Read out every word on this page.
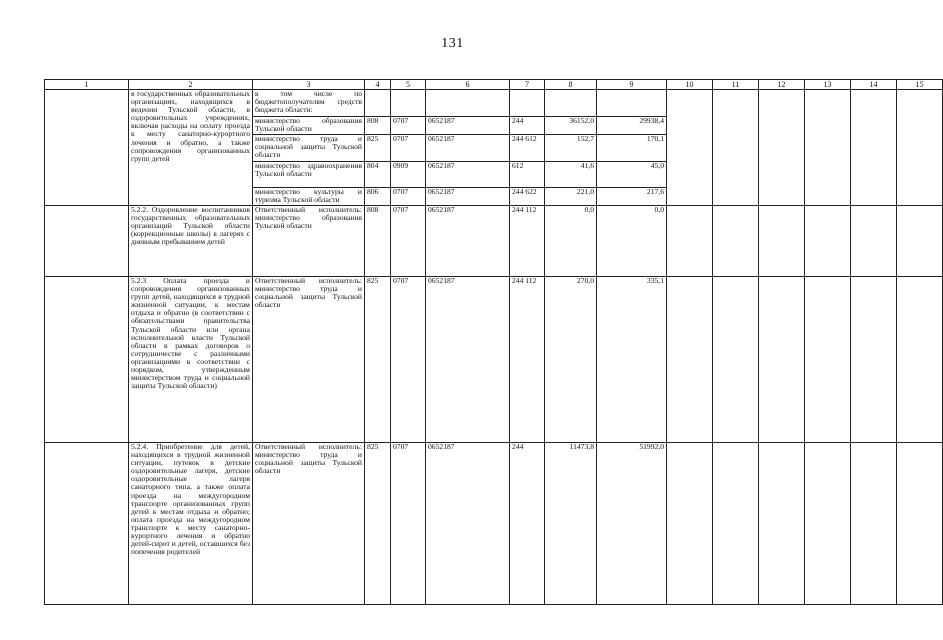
131
1	2	3	4	5	6	7	8	9	10	11	12	13	14	15
	в государственных образовательных организациях, находящихся в ведении Тульской области, в оздоровительных учреждениях, включая расходы на оплату проезда к месту санаторно-курортного лечения и обратно, а также сопровождения организованных групп детей	в том числе по бюджетополучателям средств бюджета области:												
		министерство образования Тульской области	808	0707	0652187	244	36152,0	29938,4						
		министерство труда и социальной защиты Тульской области	825	0707	0652187	244 612	152,7	170,1						
		министерство здравоохранения Тульской области	804	0909	0652187	612	41,6	45,0						
		министерство культуры и туризма Тульской области	806	0707	0652187	244 622	221,0	217,6						
	5.2.2. Оздоровление воспитанников государственных образовательных организаций Тульской области (коррекционные школы) в лагерях с дневным пребыванием детей	Ответственный исполнитель: министерство образования Тульской области	808	0707	0652187	244 112	0,0	0,0						
	5.2.3 Оплата проезда и сопровождения организованных групп детей, находящихся в трудной жизненной ситуации, к местам отдыха и обратно (в соответствии с обязательствами правительства Тульской области или органа исполнительной власти Тульской области в рамках договоров о сотрудничестве с различными организациями в соответствии с порядком, утвержденным министерством труда и социальной защиты Тульской области)	Ответственный исполнитель: министерство труда и социальной защиты Тульской области	825	0707	0652187	244 112	270,0	335,1						
	5.2.4. Приобретение для детей, находящихся в трудной жизненной ситуации, путевок в детские оздоровительные лагеря, детские оздоровительные лагеря санаторного типа, а также оплата проезда на междугородном транспорте организованных групп детей к местам отдыха и обратно; оплата проезда на междугородном транспорте к месту санаторно-курортного лечения и обратно детей-сирот и детей, оставшихся без попечения родителей	Ответственный исполнитель: министерство труда и социальной защиты Тульской области	825	0707	0652187	244	11473,8	51992,0						
